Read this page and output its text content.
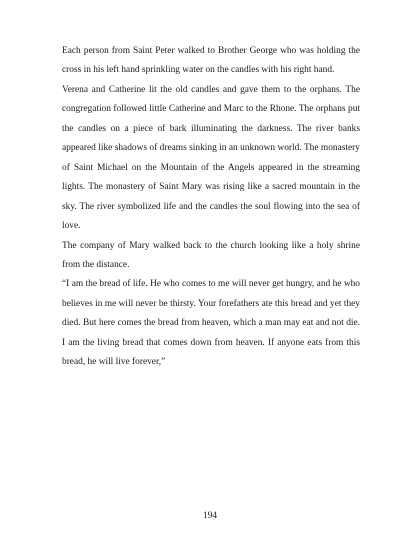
Each person from Saint Peter walked to Brother George who was holding the cross in his left hand sprinkling water on the candles with his right hand.

Verena and Catherine lit the old candles and gave them to the orphans. The congregation followed little Catherine and Marc to the Rhone. The orphans put the candles on a piece of bark illuminating the darkness. The river banks appeared like shadows of dreams sinking in an unknown world. The monastery of Saint Michael on the Mountain of the Angels appeared in the streaming lights. The monastery of Saint Mary was rising like a sacred mountain in the sky. The river symbolized life and the candles the soul flowing into the sea of love.

The company of Mary walked back to the church looking like a holy shrine from the distance.

“I am the bread of life. He who comes to me will never get hungry, and he who believes in me will never be thirsty. Your forefathers ate this bread and yet they died. But here comes the bread from heaven, which a man may eat and not die. I am the living bread that comes down from heaven. If anyone eats from this bread, he will live forever,”

194
